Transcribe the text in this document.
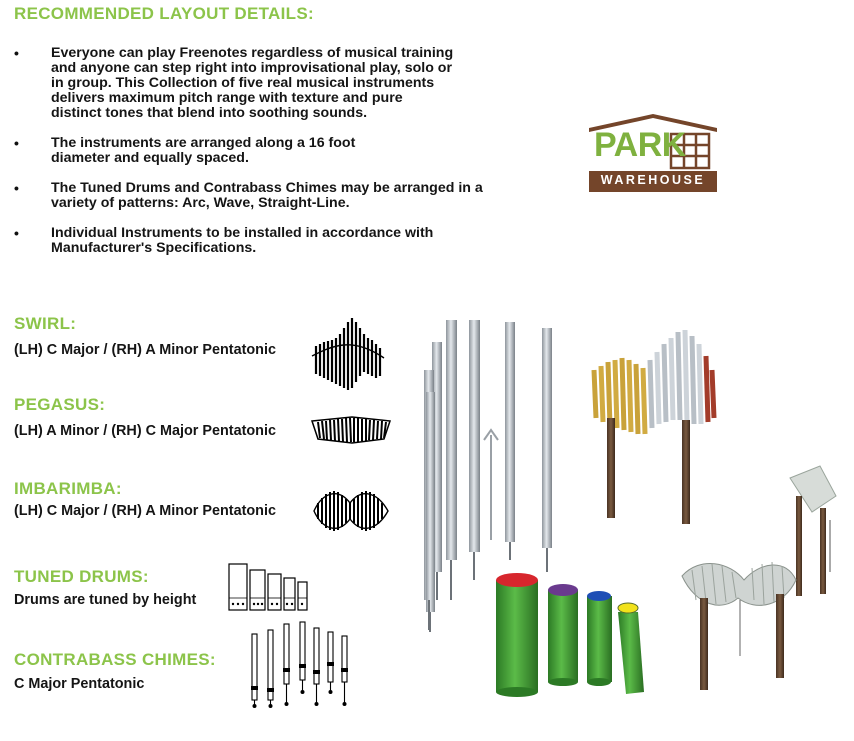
RECOMMENDED LAYOUT DETAILS:
•	Everyone can play Freenotes regardless of musical training and anyone can step right into improvisational play, solo or in group. This Collection of five real musical instruments delivers maximum pitch range with texture and pure distinct tones that blend into soothing sounds.
•	The instruments are arranged along a 16 foot diameter and equally spaced.
•	The Tuned Drums and Contrabass Chimes may be arranged in a variety of patterns: Arc, Wave, Straight-Line.
•	Individual Instruments to be installed in accordance with Manufacturer's Specifications.
SWIRL:
(LH) C Major / (RH) A Minor Pentatonic
PEGASUS:
(LH) A Minor / (RH) C Major Pentatonic
IMBARIMBA:
(LH) C Major / (RH) A Minor Pentatonic
TUNED DRUMS:
Drums are tuned by height
CONTRABASS CHIMES:
C Major Pentatonic
PARK
WAREHOUSE
